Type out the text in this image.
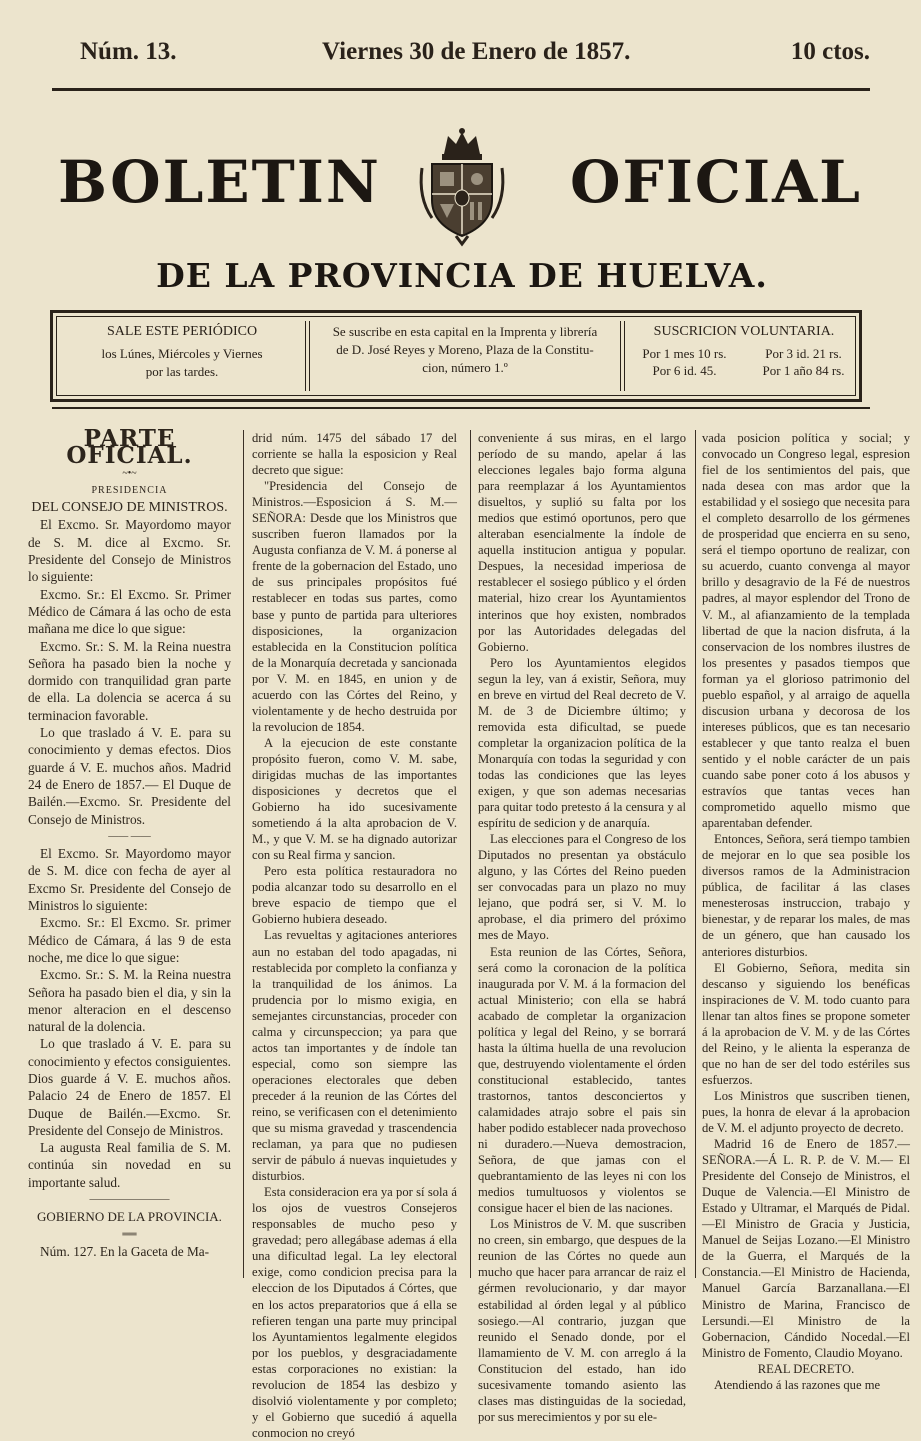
Núm. 13.	Viernes 30 de Enero de 1857.	10 ctos.
BOLETIN	OFICIAL
DE LA PROVINCIA DE HUELVA.
SALE ESTE PERIÓDICO
los Lúnes, Miércoles y Viernes
por las tardes.
Se suscribe en esta capital en la Imprenta y librería
de D. José Reyes y Moreno, Plaza de la Constitu-
cion, número 1.º
SUSCRICION VOLUNTARIA.
Por 1 mes 10 rs.	Por 3 id. 21 rs.
Por 6 id. 45.	Por 1 año 84 rs.

PARTE OFICIAL.

~•~

PRESIDENCIA

DEL CONSEJO DE MINISTROS.

El Excmo. Sr. Mayordomo mayor de S. M. dice al Excmo. Sr. Presidente del Consejo de Ministros lo siguiente:

Excmo. Sr.: El Excmo. Sr. Primer Médico de Cámara á las ocho de esta mañana me dice lo que sigue:

Excmo. Sr.: S. M. la Reina nuestra Señora ha pasado bien la noche y dormido con tranquilidad gran parte de ella. La dolencia se acerca á su terminacion favorable.

Lo que traslado á V. E. para su conocimiento y demas efectos. Dios guarde á V. E. muchos años. Madrid 24 de Enero de 1857.— El Duque de Bailén.—Excmo. Sr. Presidente del Consejo de Ministros.

—— ——

El Excmo. Sr. Mayordomo mayor de S. M. dice con fecha de ayer al Excmo Sr. Presidente del Consejo de Ministros lo siguiente:

Excmo. Sr.: El Excmo. Sr. primer Médico de Cámara, á las 9 de esta noche, me dice lo que sigue:

Excmo. Sr.: S. M. la Reina nuestra Señora ha pasado bien el dia, y sin la menor alteracion en el descenso natural de la dolencia.

Lo que traslado á V. E. para su conocimiento y efectos consiguientes. Dios guarde á V. E. muchos años. Palacio 24 de Enero de 1857. El Duque de Bailén.—Excmo. Sr. Presidente del Consejo de Ministros.

La augusta Real familia de S. M. continúa sin novedad en su importante salud.

————————

GOBIERNO DE LA PROVINCIA.

══

Núm. 127. En la Gaceta de Ma-

drid núm. 1475 del sábado 17 del corriente se halla la esposicion y Real decreto que sigue:

"Presidencia del Consejo de Ministros.—Esposicion á S. M.—SEÑORA: Desde que los Ministros que suscriben fueron llamados por la Augusta confianza de V. M. á ponerse al frente de la gobernacion del Estado, uno de sus principales propósitos fué restablecer en todas sus partes, como base y punto de partida para ulteriores disposiciones, la organizacion establecida en la Constitucion política de la Monarquía decretada y sancionada por V. M. en 1845, en union y de acuerdo con las Córtes del Reino, y violentamente y de hecho destruida por la revolucion de 1854.

A la ejecucion de este constante propósito fueron, como V. M. sabe, dirigidas muchas de las importantes disposiciones y decretos que el Gobierno ha ido sucesivamente sometiendo á la alta aprobacion de V. M., y que V. M. se ha dignado autorizar con su Real firma y sancion.

Pero esta política restauradora no podia alcanzar todo su desarrollo en el breve espacio de tiempo que el Gobierno hubiera deseado.

Las revueltas y agitaciones anteriores aun no estaban del todo apagadas, ni restablecida por completo la confianza y la tranquilidad de los ánimos. La prudencia por lo mismo exigia, en semejantes circunstancias, proceder con calma y circunspeccion; ya para que actos tan importantes y de índole tan especial, como son siempre las operaciones electorales que deben preceder á la reunion de las Córtes del reino, se verificasen con el detenimiento que su misma gravedad y trascendencia reclaman, ya para que no pudiesen servir de pábulo á nuevas inquietudes y disturbios.

Esta consideracion era ya por sí sola á los ojos de vuestros Consejeros responsables de mucho peso y gravedad; pero allegábase ademas á ella una dificultad legal. La ley electoral exige, como condicion precisa para la eleccion de los Diputados á Córtes, que en los actos preparatorios que á ella se refieren tengan una parte muy principal los Ayuntamientos legalmente elegidos por los pueblos, y desgraciadamente estas corporaciones no existian: la revolucion de 1854 las desbizo y disolvió violentamente y por completo; y el Gobierno que sucedió á aquella conmocion no creyó

conveniente á sus miras, en el largo período de su mando, apelar á las elecciones legales bajo forma alguna para reemplazar á los Ayuntamientos disueltos, y suplió su falta por los medios que estimó oportunos, pero que alteraban esencialmente la índole de aquella institucion antigua y popular. Despues, la necesidad imperiosa de restablecer el sosiego público y el órden material, hizo crear los Ayuntamientos interinos que hoy existen, nombrados por las Autoridades delegadas del Gobierno.

Pero los Ayuntamientos elegidos segun la ley, van á existir, Señora, muy en breve en virtud del Real decreto de V. M. de 3 de Diciembre último; y removida esta dificultad, se puede completar la organizacion política de la Monarquía con todas la seguridad y con todas las condiciones que las leyes exigen, y que son ademas necesarias para quitar todo pretesto á la censura y al espíritu de sedicion y de anarquía.

Las elecciones para el Congreso de los Diputados no presentan ya obstáculo alguno, y las Córtes del Reino pueden ser convocadas para un plazo no muy lejano, que podrá ser, si V. M. lo aprobase, el dia primero del próximo mes de Mayo.

Esta reunion de las Córtes, Señora, será como la coronacion de la política inaugurada por V. M. á la formacion del actual Ministerio; con ella se habrá acabado de completar la organizacion política y legal del Reino, y se borrará hasta la última huella de una revolucion que, destruyendo violentamente el órden constitucional establecido, tantes trastornos, tantos desconciertos y calamidades atrajo sobre el pais sin haber podido establecer nada provechoso ni duradero.—Nueva demostracion, Señora, de que jamas con el quebrantamiento de las leyes ni con los medios tumultuosos y violentos se consigue hacer el bien de las naciones.

Los Ministros de V. M. que suscriben no creen, sin embargo, que despues de la reunion de las Córtes no quede aun mucho que hacer para arrancar de raiz el gérmen revolucionario, y dar mayor estabilidad al órden legal y al público sosiego.—Al contrario, juzgan que reunido el Senado donde, por el llamamiento de V. M. con arreglo á la Constitucion del estado, han ido sucesivamente tomando asiento las clases mas distinguidas de la sociedad, por sus merecimientos y por su ele-

vada posicion política y social; y convocado un Congreso legal, espresion fiel de los sentimientos del pais, que nada desea con mas ardor que la estabilidad y el sosiego que necesita para el completo desarrollo de los gérmenes de prosperidad que encierra en su seno, será el tiempo oportuno de realizar, con su acuerdo, cuanto convenga al mayor brillo y desagravio de la Fé de nuestros padres, al mayor esplendor del Trono de V. M., al afianzamiento de la templada libertad de que la nacion disfruta, á la conservacion de los nombres ilustres de los presentes y pasados tiempos que forman ya el glorioso patrimonio del pueblo español, y al arraigo de aquella discusion urbana y decorosa de los intereses públicos, que es tan necesario establecer y que tanto realza el buen sentido y el noble carácter de un pais cuando sabe poner coto á los abusos y estravíos que tantas veces han comprometido aquello mismo que aparentaban defender.

Entonces, Señora, será tiempo tambien de mejorar en lo que sea posible los diversos ramos de la Administracion pública, de facilitar á las clases menesterosas instruccion, trabajo y bienestar, y de reparar los males, de mas de un género, que han causado los anteriores disturbios.

El Gobierno, Señora, medita sin descanso y siguiendo los benéficas inspiraciones de V. M. todo cuanto para llenar tan altos fines se propone someter á la aprobacion de V. M. y de las Córtes del Reino, y le alienta la esperanza de que no han de ser del todo estériles sus esfuerzos.

Los Ministros que suscriben tienen, pues, la honra de elevar á la aprobacion de V. M. el adjunto proyecto de decreto.

Madrid 16 de Enero de 1857.— SEÑORA.—Á L. R. P. de V. M.— El Presidente del Consejo de Ministros, el Duque de Valencia.—El Ministro de Estado y Ultramar, el Marqués de Pidal.—El Ministro de Gracia y Justicia, Manuel de Seijas Lozano.—El Ministro de la Guerra, el Marqués de la Constancia.—El Ministro de Hacienda, Manuel García Barzanallana.—El Ministro de Marina, Francisco de Lersundi.—El Ministro de la Gobernacion, Cándido Nocedal.—El Ministro de Fomento, Claudio Moyano.

REAL DECRETO.

Atendiendo á las razones que me
